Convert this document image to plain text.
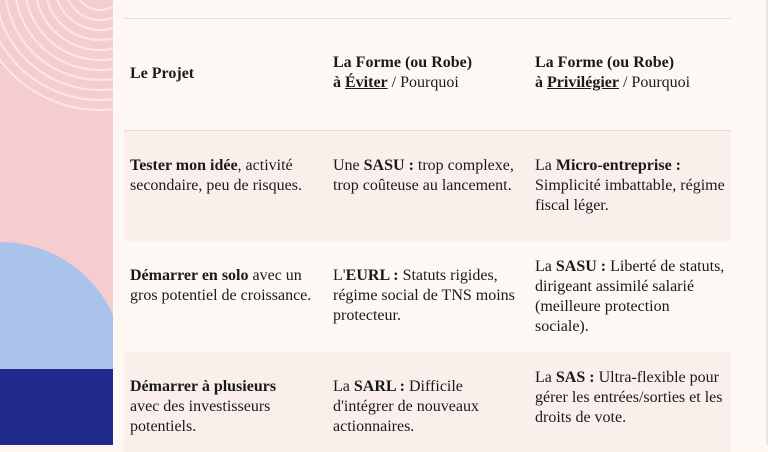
Le Projet
La Forme (ou Robe)
à Éviter / Pourquoi
La Forme (ou Robe)
à Privilégier / Pourquoi
Tester mon idée, activité secondaire, peu de risques.
Une SASU : trop complexe, trop coûteuse au lancement.
La Micro-entreprise : Simplicité imbattable, régime fiscal léger.
Démarrer en solo avec un gros potentiel de croissance.
L'EURL : Statuts rigides, régime social de TNS moins protecteur.
La SASU : Liberté de statuts, dirigeant assimilé salarié (meilleure protection sociale).
Démarrer à plusieurs
avec des investisseurs potentiels.
La SARL : Difficile d'intégrer de nouveaux actionnaires.
La SAS : Ultra-flexible pour gérer les entrées/sorties et les droits de vote.
